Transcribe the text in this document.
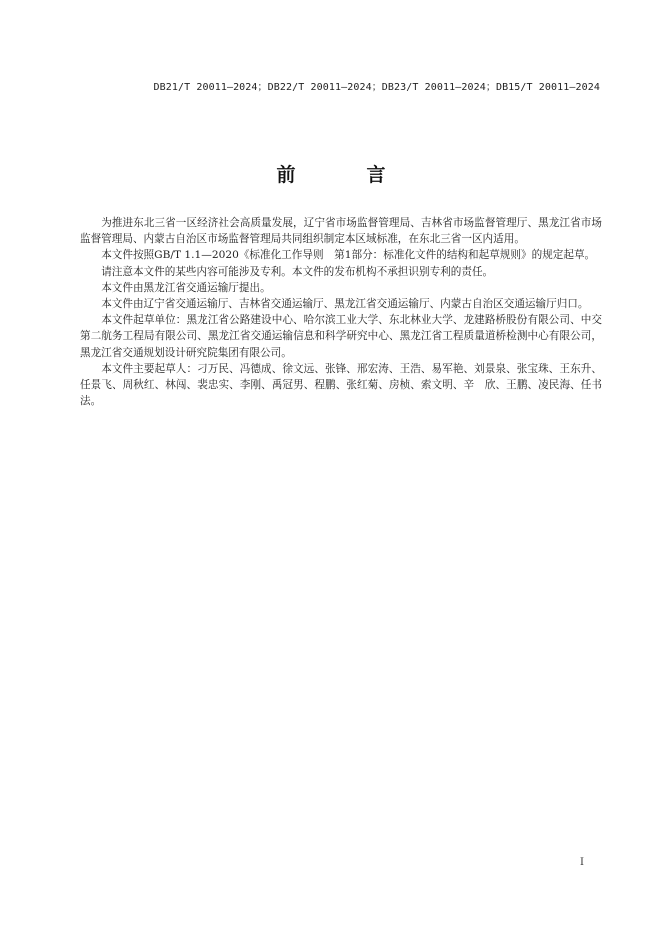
DB21/T 20011—2024；DB22/T 20011—2024；DB23/T 20011—2024；DB15/T 20011—2024
前　言

为推进东北三省一区经济社会高质量发展，辽宁省市场监督管理局、吉林省市场监督管理厅、黑龙江省市场监督管理局、内蒙古自治区市场监督管理局共同组织制定本区域标准，在东北三省一区内适用。

本文件按照GB/T 1.1—2020《标准化工作导则　第1部分：标准化文件的结构和起草规则》的规定起草。

请注意本文件的某些内容可能涉及专利。本文件的发布机构不承担识别专利的责任。

本文件由黑龙江省交通运输厅提出。

本文件由辽宁省交通运输厅、吉林省交通运输厅、黑龙江省交通运输厅、内蒙古自治区交通运输厅归口。

本文件起草单位：黑龙江省公路建设中心、哈尔滨工业大学、东北林业大学、龙建路桥股份有限公司、中交第二航务工程局有限公司、黑龙江省交通运输信息和科学研究中心、黑龙江省工程质量道桥检测中心有限公司，黑龙江省交通规划设计研究院集团有限公司。

本文件主要起草人：刁万民、冯德成、徐文远、张锋、邢宏涛、王浩、易军艳、刘景泉、张宝珠、王东升、任景飞、周秋红、林闯、裴忠实、李刚、禹冠男、程鹏、张红菊、房桢、索文明、辛　欣、王鹏、凌民海、任书法。

I
